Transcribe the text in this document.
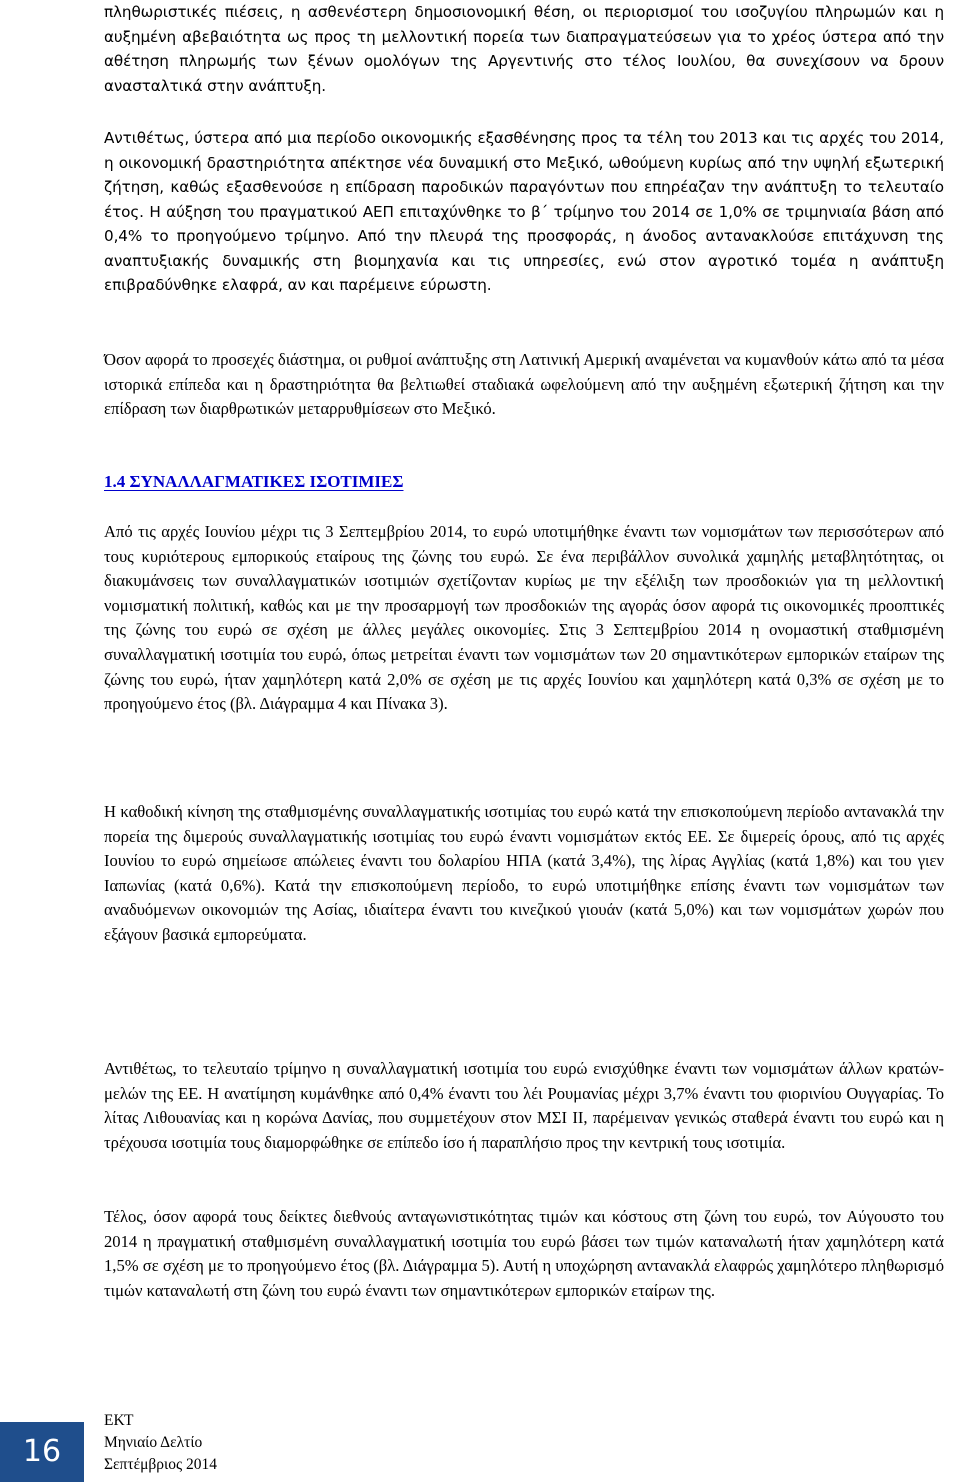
πληθωριστικές πιέσεις, η ασθενέστερη δημοσιονομική θέση, οι περιορισμοί του ισοζυγίου πληρωμών και η αυξημένη αβεβαιότητα ως προς τη μελλοντική πορεία των διαπραγματεύσεων για το χρέος ύστερα από την αθέτηση πληρωμής των ξένων ομολόγων της Αργεντινής στο τέλος Ιουλίου, θα συνεχίσουν να δρουν ανασταλτικά στην ανάπτυξη.

Αντιθέτως, ύστερα από μια περίοδο οικονομικής εξασθένησης προς τα τέλη του 2013 και τις αρχές του 2014, η οικονομική δραστηριότητα απέκτησε νέα δυναμική στο Μεξικό, ωθούμενη κυρίως από την υψηλή εξωτερική ζήτηση, καθώς εξασθενούσε η επίδραση παροδικών παραγόντων που επηρέαζαν την ανάπτυξη το τελευταίο έτος. Η αύξηση του πραγματικού ΑΕΠ επιταχύνθηκε το β΄ τρίμηνο του 2014 σε 1,0% σε τριμηνιαία βάση από 0,4% το προηγούμενο τρίμηνο. Από την πλευρά της προσφοράς, η άνοδος αντανακλούσε επιτάχυνση της αναπτυξιακής δυναμικής στη βιομηχανία και τις υπηρεσίες, ενώ στον αγροτικό τομέα η ανάπτυξη επιβραδύνθηκε ελαφρά, αν και παρέμεινε εύρωστη.

Όσον αφορά το προσεχές διάστημα, οι ρυθμοί ανάπτυξης στη Λατινική Αμερική αναμένεται να κυμανθούν κάτω από τα μέσα ιστορικά επίπεδα και η δραστηριότητα θα βελτιωθεί σταδιακά ωφελούμενη από την αυξημένη εξωτερική ζήτηση και την επίδραση των διαρθρωτικών μεταρρυθμίσεων στο Μεξικό.

1.4 ΣΥΝΑΛΛΑΓΜΑΤΙΚΕΣ ΙΣΟΤΙΜΙΕΣ

Από τις αρχές Ιουνίου μέχρι τις 3 Σεπτεμβρίου 2014, το ευρώ υποτιμήθηκε έναντι των νομισμάτων των περισσότερων από τους κυριότερους εμπορικούς εταίρους της ζώνης του ευρώ. Σε ένα περιβάλλον συνολικά χαμηλής μεταβλητότητας, οι διακυμάνσεις των συναλλαγματικών ισοτιμιών σχετίζονταν κυρίως με την εξέλιξη των προσδοκιών για τη μελλοντική νομισματική πολιτική, καθώς και με την προσαρμογή των προσδοκιών της αγοράς όσον αφορά τις οικονομικές προοπτικές της ζώνης του ευρώ σε σχέση με άλλες μεγάλες οικονομίες. Στις 3 Σεπτεμβρίου 2014 η ονομαστική σταθμισμένη συναλλαγματική ισοτιμία του ευρώ, όπως μετρείται έναντι των νομισμάτων των 20 σημαντικότερων εμπορικών εταίρων της ζώνης του ευρώ, ήταν χαμηλότερη κατά 2,0% σε σχέση με τις αρχές Ιουνίου και χαμηλότερη κατά 0,3% σε σχέση με το προηγούμενο έτος (βλ. Διάγραμμα 4 και Πίνακα 3).

Η καθοδική κίνηση της σταθμισμένης συναλλαγματικής ισοτιμίας του ευρώ κατά την επισκοπούμενη περίοδο αντανακλά την πορεία της διμερούς συναλλαγματικής ισοτιμίας του ευρώ έναντι νομισμάτων εκτός ΕΕ. Σε διμερείς όρους, από τις αρχές Ιουνίου το ευρώ σημείωσε απώλειες έναντι του δολαρίου ΗΠΑ (κατά 3,4%), της λίρας Αγγλίας (κατά 1,8%) και του γιεν Ιαπωνίας (κατά 0,6%). Κατά την επισκοπούμενη περίοδο, το ευρώ υποτιμήθηκε επίσης έναντι των νομισμάτων των αναδυόμενων οικονομιών της Ασίας, ιδιαίτερα έναντι του κινεζικού γιουάν (κατά 5,0%) και των νομισμάτων χωρών που εξάγουν βασικά εμπορεύματα.

Αντιθέτως, το τελευταίο τρίμηνο η συναλλαγματική ισοτιμία του ευρώ ενισχύθηκε έναντι των νομισμάτων άλλων κρατών-μελών της ΕΕ. Η ανατίμηση κυμάνθηκε από 0,4% έναντι του λέι Ρουμανίας μέχρι 3,7% έναντι του φιορινίου Ουγγαρίας. Το λίτας Λιθουανίας και η κορώνα Δανίας, που συμμετέχουν στον ΜΣΙ ΙΙ, παρέμειναν γενικώς σταθερά έναντι του ευρώ και η τρέχουσα ισοτιμία τους διαμορφώθηκε σε επίπεδο ίσο ή παραπλήσιο προς την κεντρική τους ισοτιμία.

Τέλος, όσον αφορά τους δείκτες διεθνούς ανταγωνιστικότητας τιμών και κόστους στη ζώνη του ευρώ, τον Αύγουστο του 2014 η πραγματική σταθμισμένη συναλλαγματική ισοτιμία του ευρώ βάσει των τιμών καταναλωτή ήταν χαμηλότερη κατά 1,5% σε σχέση με το προηγούμενο έτος (βλ. Διάγραμμα 5). Αυτή η υποχώρηση αντανακλά ελαφρώς χαμηλότερο πληθωρισμό τιμών καταναλωτή στη ζώνη του ευρώ έναντι των σημαντικότερων εμπορικών εταίρων της.

16
ΕΚΤ
Μηνιαίο Δελτίο
Σεπτέμβριος 2014
